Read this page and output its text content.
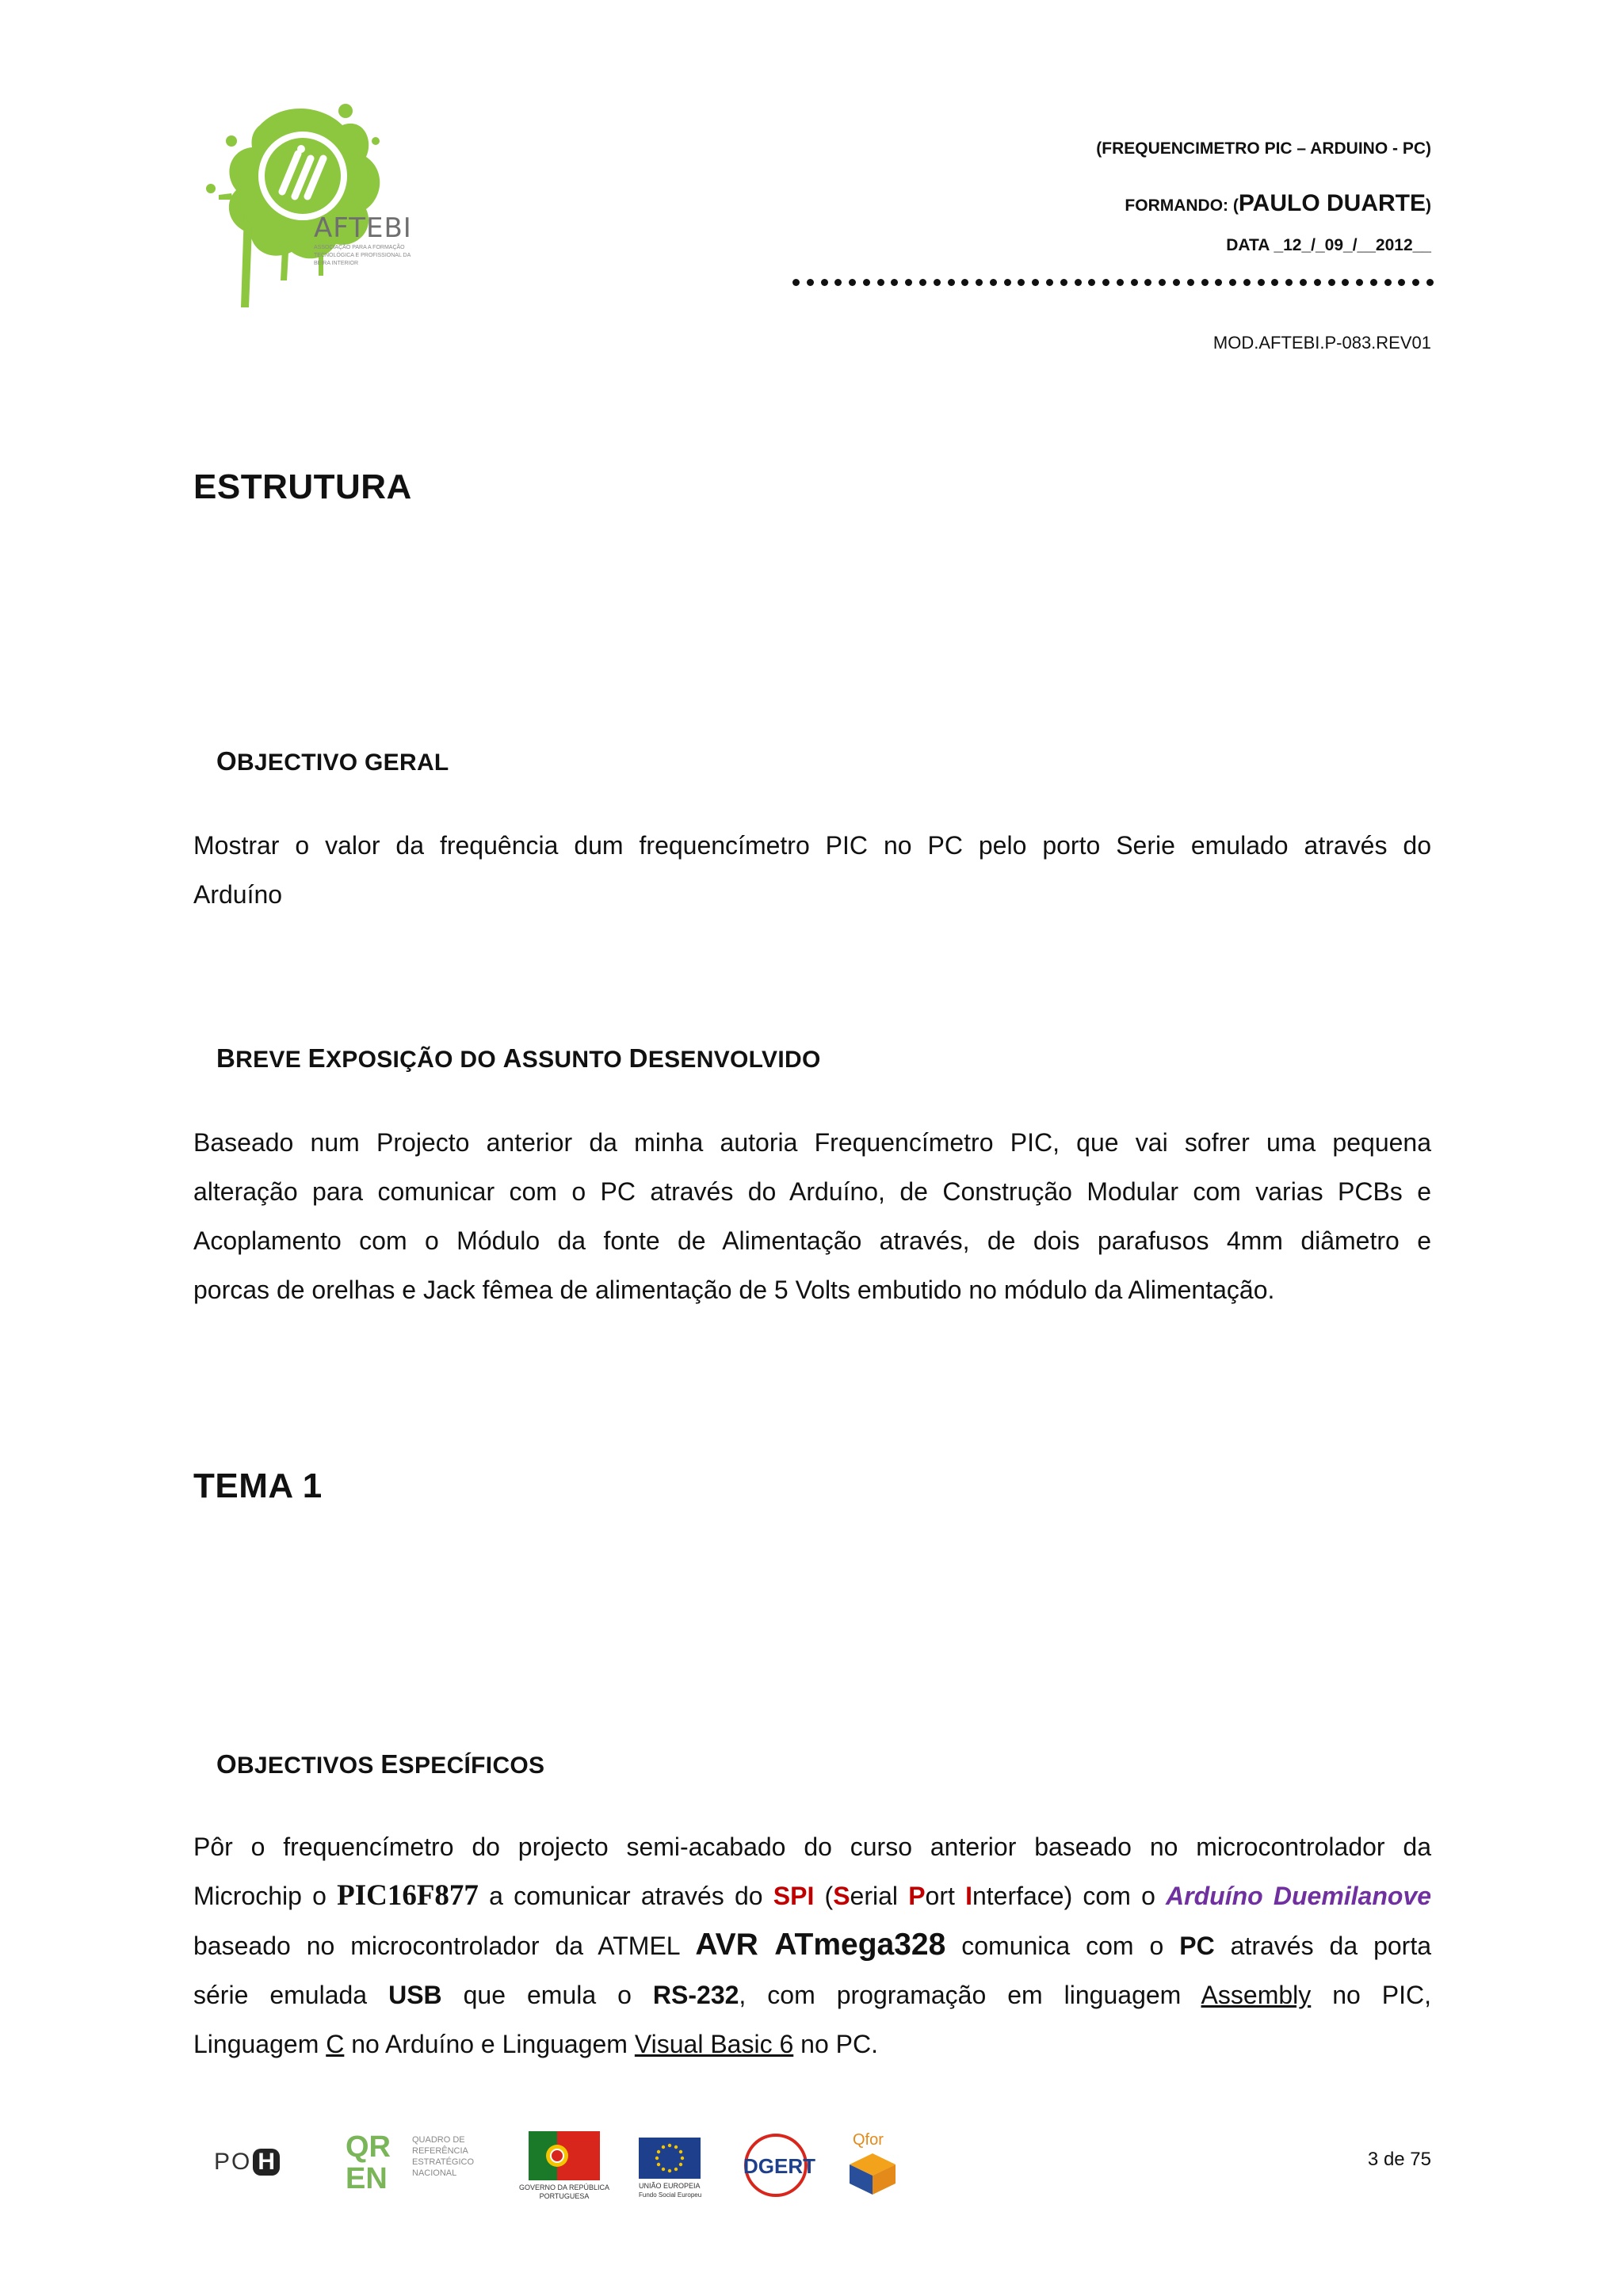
AFTEBI
ASSOCIAÇÃO PARA A FORMAÇÃO TECNOLÓGICA E PROFISSIONAL DA BEIRA INTERIOR
(FREQUENCIMETRO PIC – ARDUINO - PC)
FORMANDO: (PAULO DUARTE)
DATA _12_/_09_/__2012__
MOD.AFTEBI.P-083.REV01
ESTRUTURA
OBJECTIVO GERAL
Mostrar o valor da frequência dum frequencímetro PIC no PC pelo porto Serie emulado através do
Arduíno
BREVE EXPOSIÇÃO DO ASSUNTO DESENVOLVIDO
Baseado num Projecto anterior da minha autoria Frequencímetro PIC, que vai sofrer uma pequena
alteração para comunicar com o PC através do Arduíno, de Construção Modular com varias PCBs e
Acoplamento com o Módulo da fonte de Alimentação através, de dois parafusos 4mm diâmetro e
porcas de orelhas e Jack fêmea de alimentação de 5 Volts embutido no módulo da Alimentação.
TEMA 1
OBJECTIVOS ESPECÍFICOS
Pôr o frequencímetro do projecto semi-acabado do curso anterior baseado no microcontrolador da
Microchip o PIC16F877 a comunicar através do SPI (Serial Port Interface) com o Arduíno Duemilanove
baseado no microcontrolador da ATMEL AVR ATmega328 comunica com o PC através da porta
série emulada USB que emula o RS-232, com programação em linguagem Assembly no PIC,
Linguagem C no Arduíno e Linguagem Visual Basic 6 no PC.
PO H	QREN
QUADRO DE REFERÊNCIA ESTRATÉGICO NACIONAL
GOVERNO DA REPÚBLICA PORTUGUESA
UNIÃO EUROPEIA
Fundo Social Europeu
DGERT
Qfor
3 de 75
